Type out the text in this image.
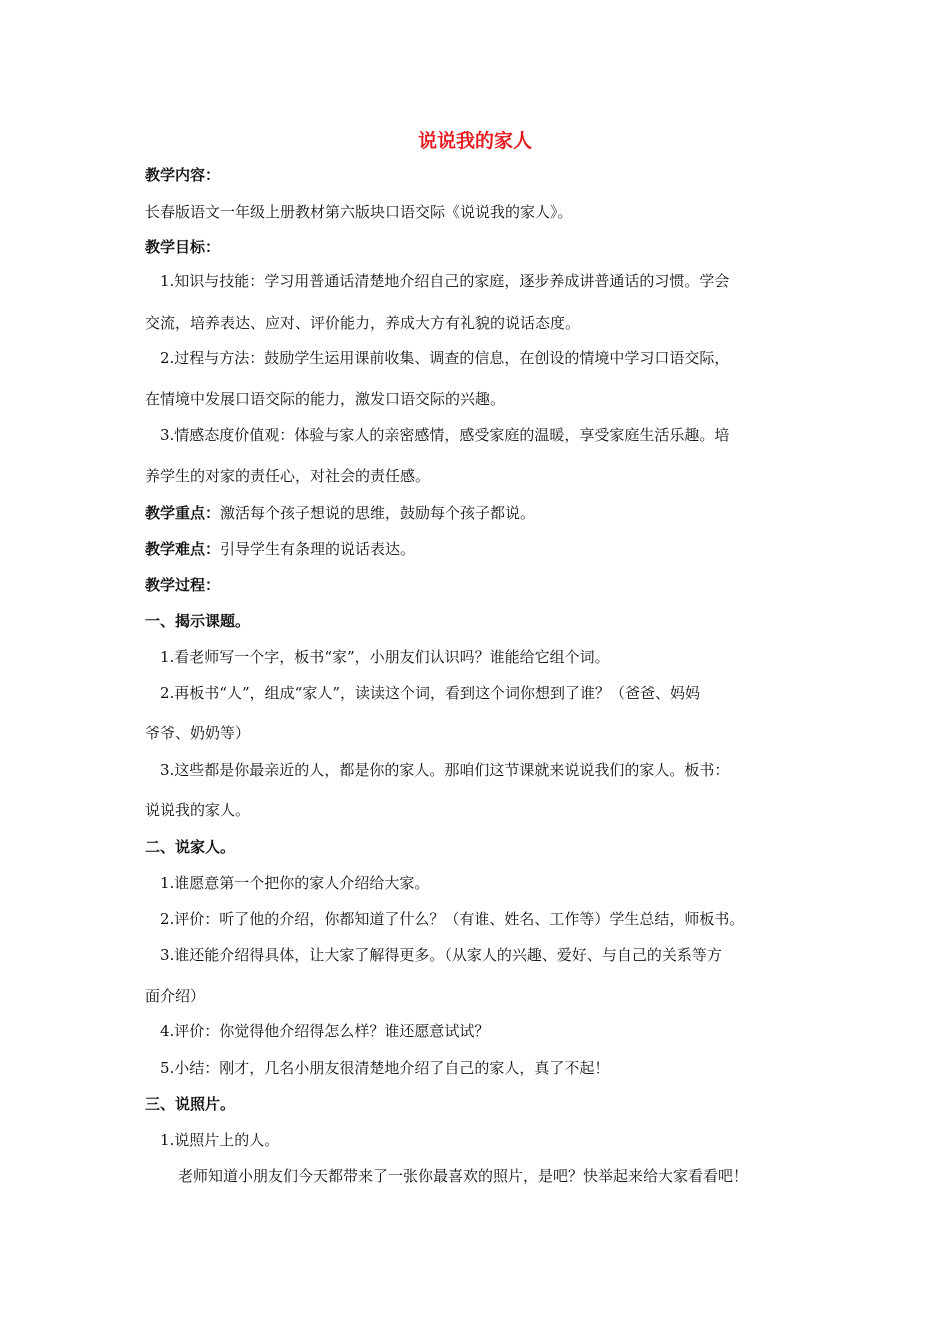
说说我的家人
教学内容：
长春版语文一年级上册教材第六版块口语交际《说说我的家人》。
教学目标：
1.知识与技能：学习用普通话清楚地介绍自己的家庭，逐步养成讲普通话的习惯。学会
交流，培养表达、应对、评价能力，养成大方有礼貌的说话态度。
2.过程与方法：鼓励学生运用课前收集、调查的信息，在创设的情境中学习口语交际，
在情境中发展口语交际的能力，激发口语交际的兴趣。
3.情感态度价值观：体验与家人的亲密感情，感受家庭的温暖，享受家庭生活乐趣。培
养学生的对家的责任心，对社会的责任感。
教学重点：激活每个孩子想说的思维，鼓励每个孩子都说。
教学难点：引导学生有条理的说话表达。
教学过程：
一、揭示课题。
1.看老师写一个字，板书“家”，小朋友们认识吗？谁能给它组个词。
2.再板书“人”，组成“家人”，读读这个词，看到这个词你想到了谁？（爸爸、妈妈
爷爷、奶奶等）
3.这些都是你最亲近的人，都是你的家人。那咱们这节课就来说说我们的家人。板书：
说说我的家人。
二、说家人。
1.谁愿意第一个把你的家人介绍给大家。
2.评价：听了他的介绍，你都知道了什么？（有谁、姓名、工作等）学生总结，师板书。
3.谁还能介绍得具体，让大家了解得更多。（从家人的兴趣、爱好、与自己的关系等方
面介绍）
4.评价：你觉得他介绍得怎么样？谁还愿意试试？
5.小结：刚才，几名小朋友很清楚地介绍了自己的家人，真了不起！
三、说照片。
1.说照片上的人。
老师知道小朋友们今天都带来了一张你最喜欢的照片，是吧？快举起来给大家看看吧！
